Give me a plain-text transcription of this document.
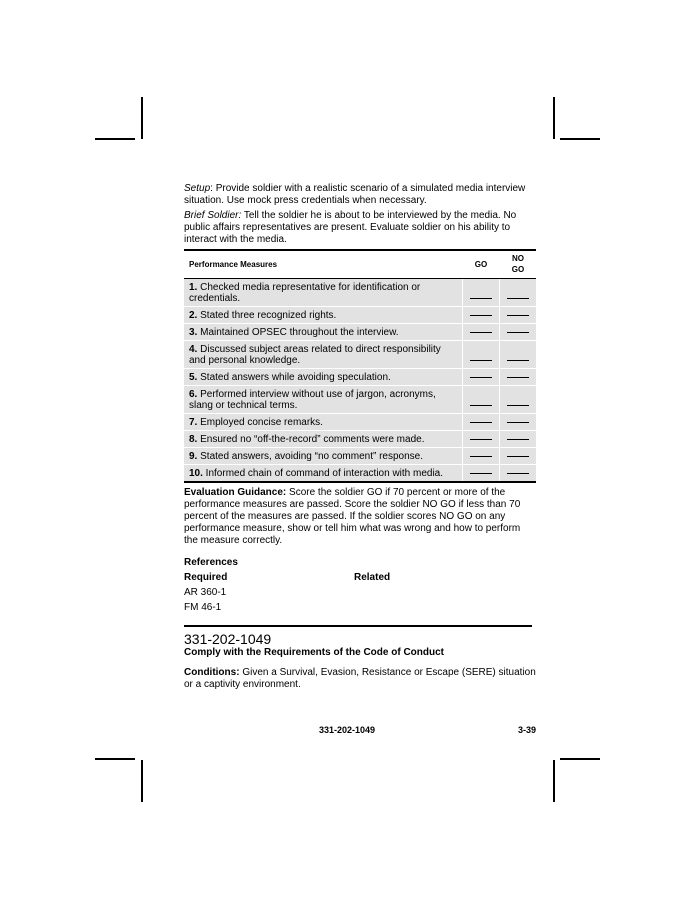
Setup: Provide soldier with a realistic scenario of a simulated media interview situation. Use mock press credentials when necessary.

Brief Soldier: Tell the soldier he is about to be interviewed by the media. No public affairs representatives are present. Evaluate soldier on his ability to interact with the media.

Performance Measures	GO	NO GO
1. Checked media representative for identification or credentials.		
2. Stated three recognized rights.		
3. Maintained OPSEC throughout the interview.		
4. Discussed subject areas related to direct responsibility and personal knowledge.		
5. Stated answers while avoiding speculation.		
6. Performed interview without use of jargon, acronyms, slang or technical terms.		
7. Employed concise remarks.		
8. Ensured no “off-the-record” comments were made.		
9. Stated answers, avoiding “no comment” response.		
10. Informed chain of command of interaction with media.		

Evaluation Guidance: Score the soldier GO if 70 percent or more of the performance measures are passed. Score the soldier NO GO if less than 70 percent of the measures are passed. If the soldier scores NO GO on any performance measure, show or tell him what was wrong and how to perform the measure correctly.

References
Required
AR 360-1
FM 46-1
Related
331-202-1049
Comply with the Requirements of the Code of Conduct

Conditions: Given a Survival, Evasion, Resistance or Escape (SERE) situation or a captivity environment.

331-202-1049	3-39
